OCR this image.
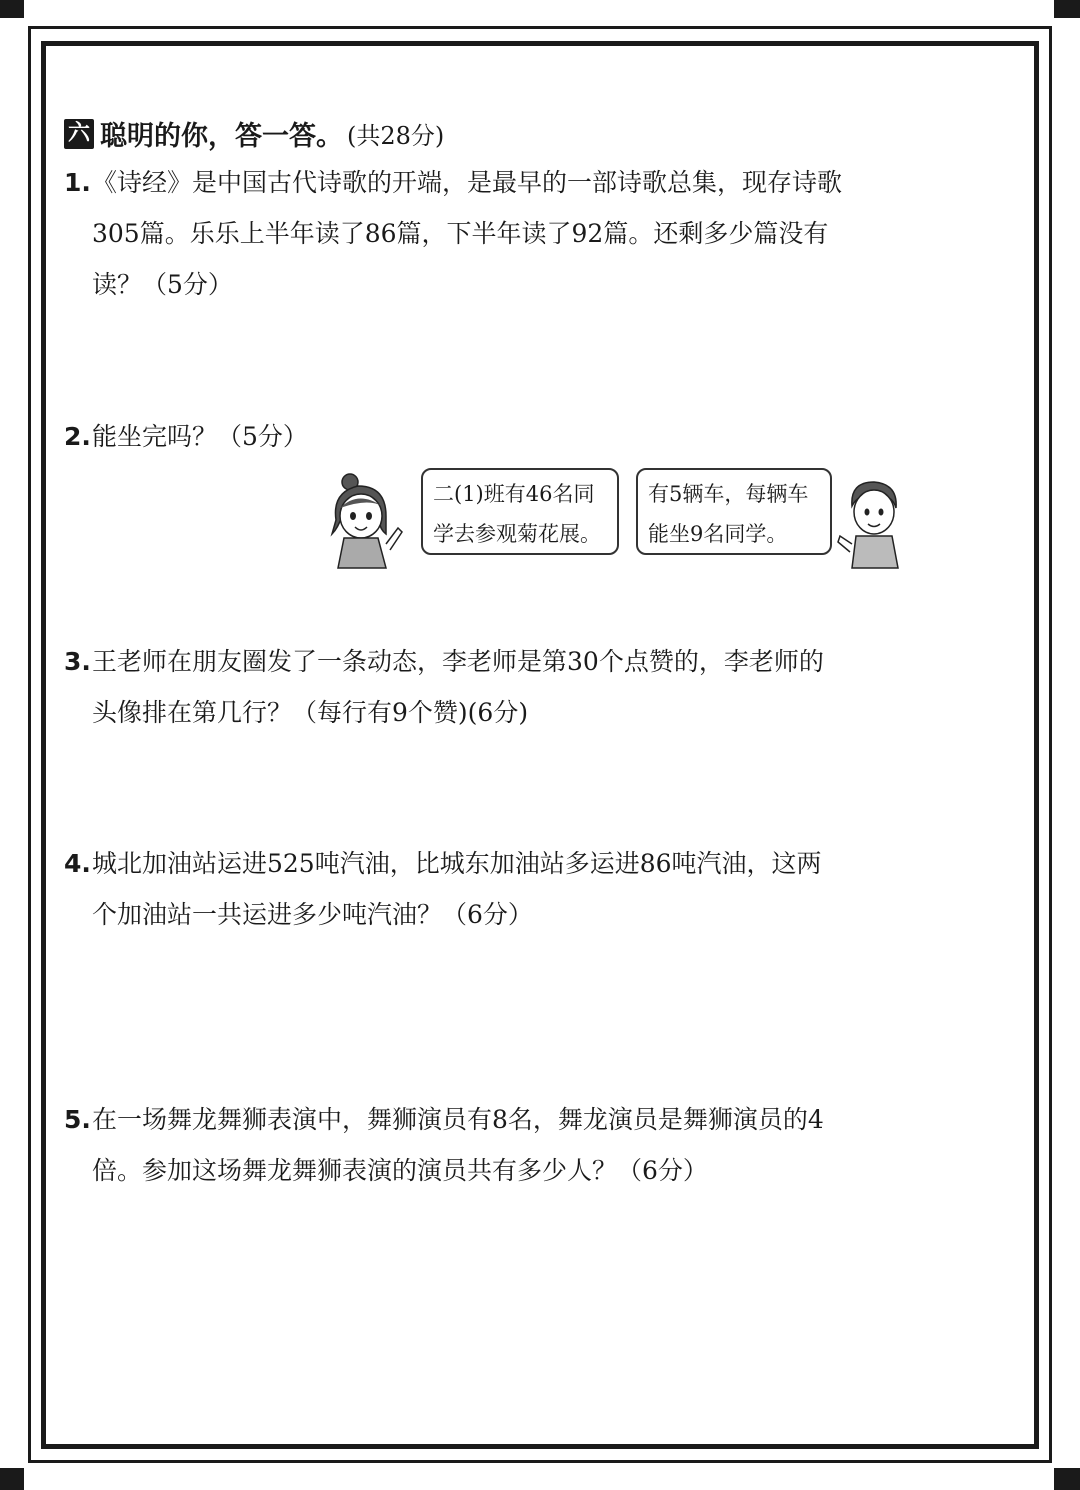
六 聪明的你，答一答。 (共28分)
1.《诗经》是中国古代诗歌的开端，是最早的一部诗歌总集，现存诗歌
305篇。乐乐上半年读了86篇，下半年读了92篇。还剩多少篇没有
读？（5分）
2.能坐完吗？（5分）
二(1)班有46名同
学去参观菊花展。
有5辆车，每辆车
能坐9名同学。
3.王老师在朋友圈发了一条动态，李老师是第30个点赞的，李老师的
头像排在第几行？（每行有9个赞)(6分)
4.城北加油站运进525吨汽油，比城东加油站多运进86吨汽油，这两
个加油站一共运进多少吨汽油？（6分）
5.在一场舞龙舞狮表演中，舞狮演员有8名，舞龙演员是舞狮演员的4
倍。参加这场舞龙舞狮表演的演员共有多少人？（6分）
